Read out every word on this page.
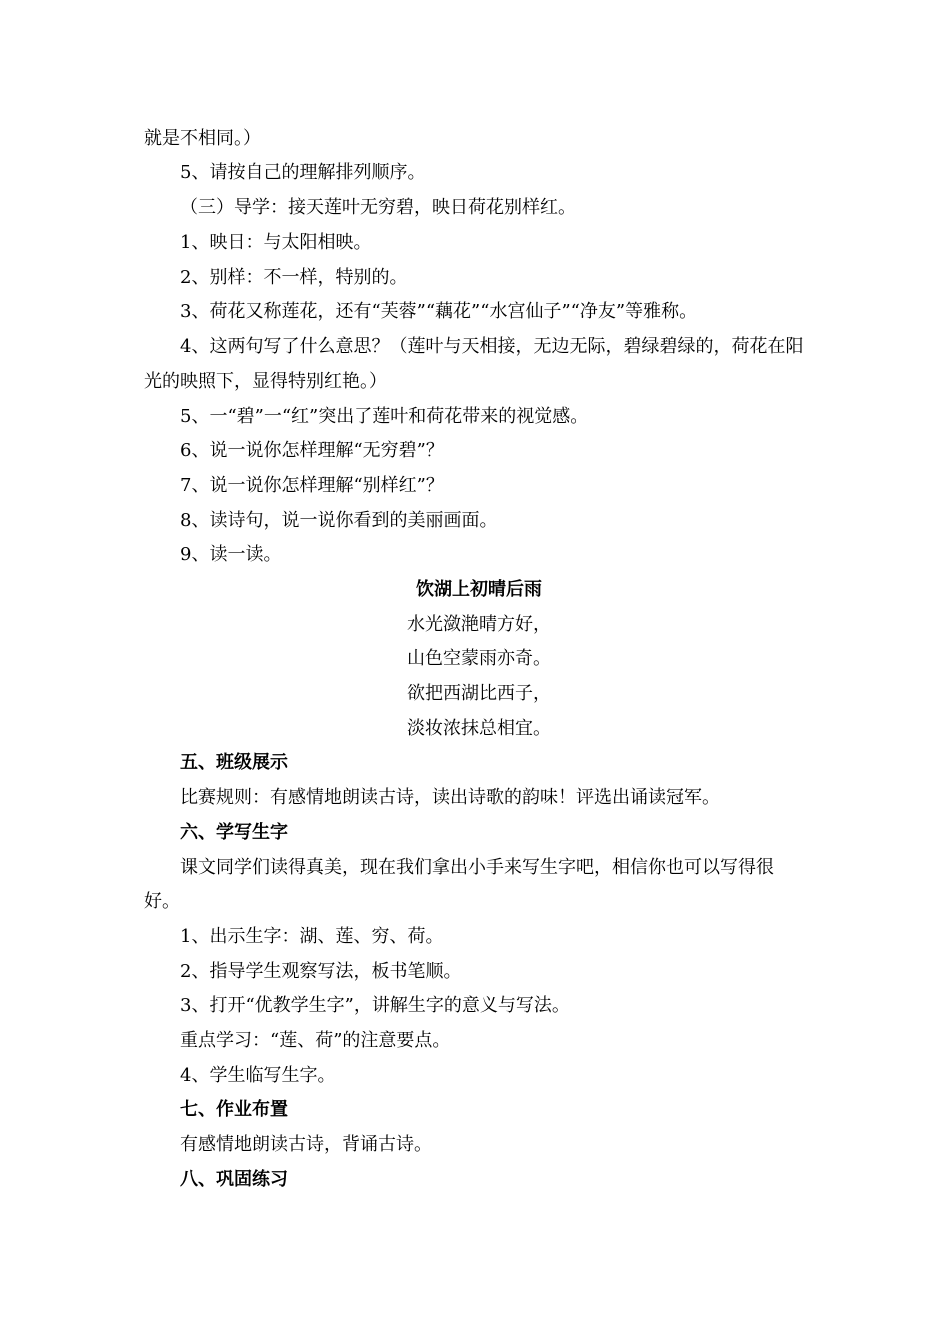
就是不相同。）
5、请按自己的理解排列顺序。
（三）导学：接天莲叶无穷碧，映日荷花别样红。
1、映日：与太阳相映。
2、别样：不一样，特别的。
3、荷花又称莲花，还有“芙蓉”“藕花”“水宫仙子”“净友”等雅称。
4、这两句写了什么意思？（莲叶与天相接，无边无际，碧绿碧绿的，荷花在阳
光的映照下，显得特别红艳。）
5、一“碧”一“红”突出了莲叶和荷花带来的视觉感。
6、说一说你怎样理解“无穷碧”？
7、说一说你怎样理解“别样红”？
8、读诗句，说一说你看到的美丽画面。
9、读一读。
饮湖上初晴后雨
水光潋滟晴方好，
山色空蒙雨亦奇。
欲把西湖比西子，
淡妆浓抹总相宜。
五、班级展示
比赛规则：有感情地朗读古诗，读出诗歌的韵味！评选出诵读冠军。
六、学写生字
课文同学们读得真美，现在我们拿出小手来写生字吧，相信你也可以写得很
好。
1、出示生字：湖、莲、穷、荷。
2、指导学生观察写法，板书笔顺。
3、打开“优教学生字”，讲解生字的意义与写法。
重点学习：“莲、荷”的注意要点。
4、学生临写生字。
七、作业布置
有感情地朗读古诗，背诵古诗。
八、巩固练习
